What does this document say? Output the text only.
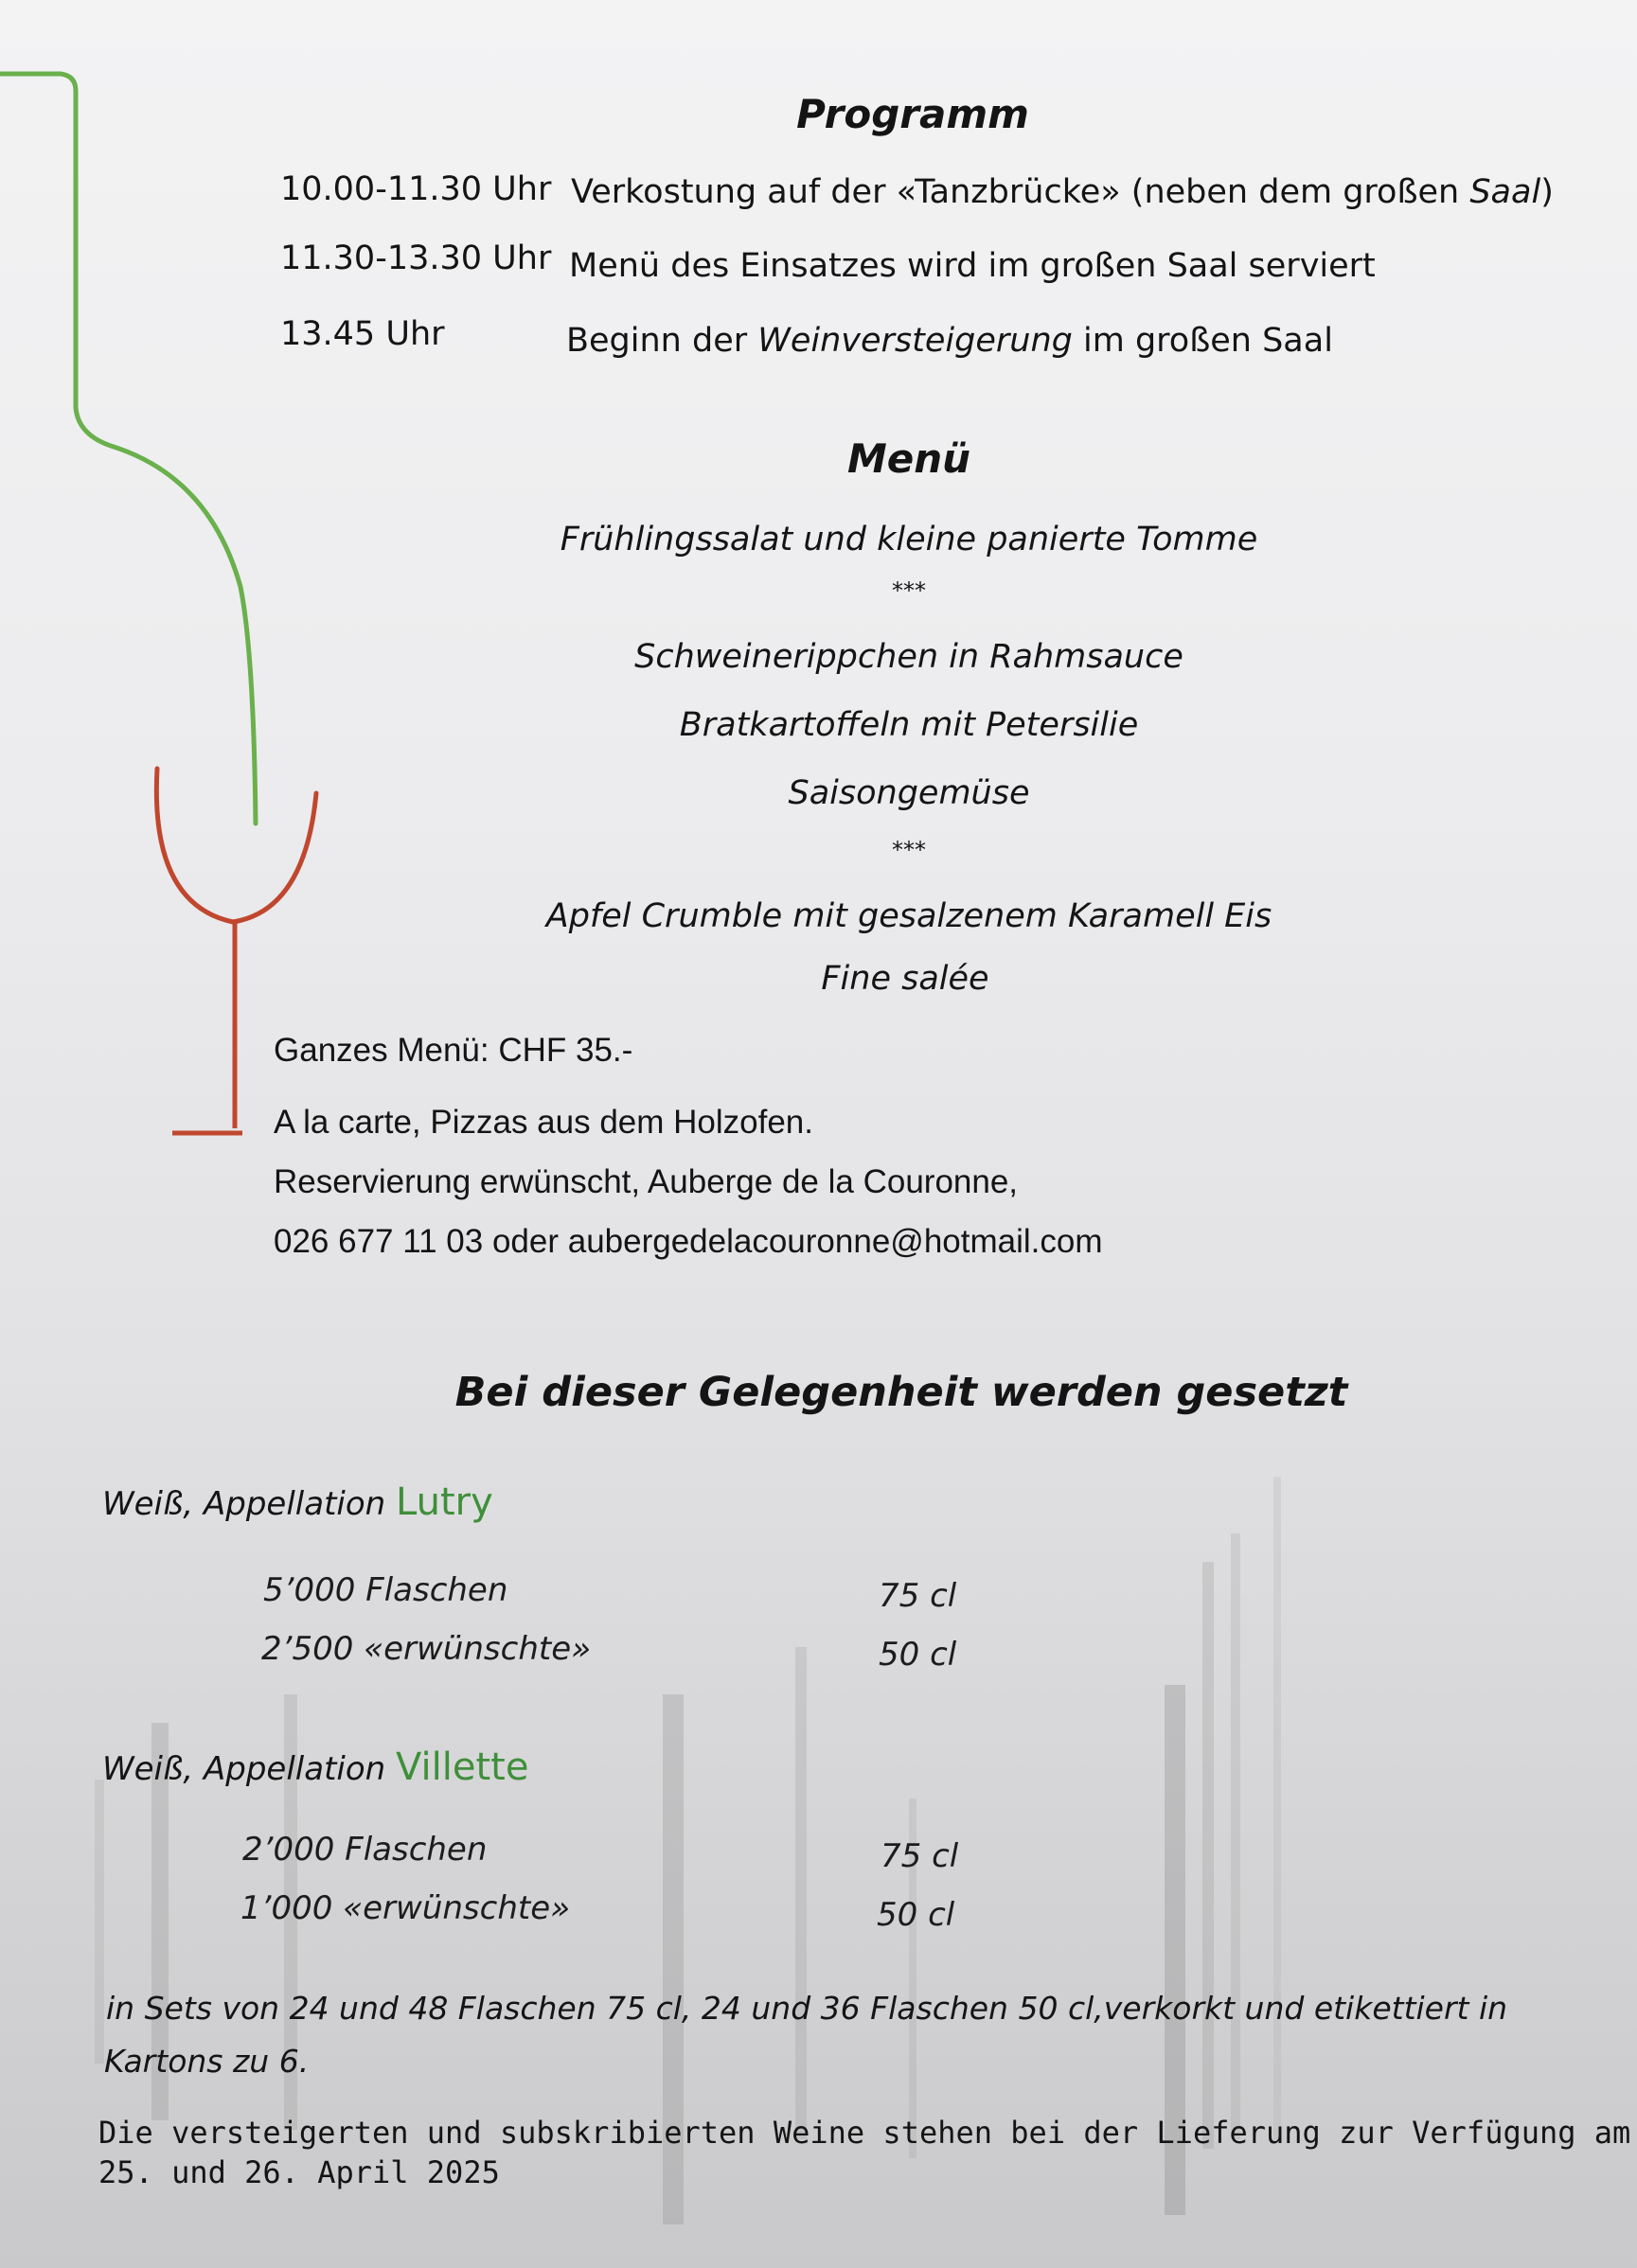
Programm
10.00-11.30 Uhr Verkostung auf der «Tanzbrücke» (neben dem großen Saal)
11.30-13.30 Uhr Menü des Einsatzes wird im großen Saal serviert
13.45 Uhr	Beginn der Weinversteigerung im großen Saal
Menü
Frühlingssalat und kleine panierte Tomme
***
Schweinerippchen in Rahmsauce
Bratkartoffeln mit Petersilie
Saisongemüse
***
Apfel Crumble mit gesalzenem Karamell Eis
Fine salée
Ganzes Menü: CHF 35.-
A la carte, Pizzas aus dem Holzofen.
Reservierung erwünscht, Auberge de la Couronne,
026 677 11 03 oder aubergedelacouronne@hotmail.com
Bei dieser Gelegenheit werden gesetzt
Weiß, Appellation Lutry
5’000 Flaschen	75 cl
2’500 «erwünschte»	50 cl
Weiß, Appellation Villette
2’000 Flaschen	75 cl
1’000 «erwünschte»	50 cl
in Sets von 24 und 48 Flaschen 75 cl, 24 und 36 Flaschen 50 cl,verkorkt und etikettiert in
Kartons zu 6.
Die versteigerten und subskribierten Weine stehen bei der Lieferung zur Verfügung am
25. und 26. April 2025
